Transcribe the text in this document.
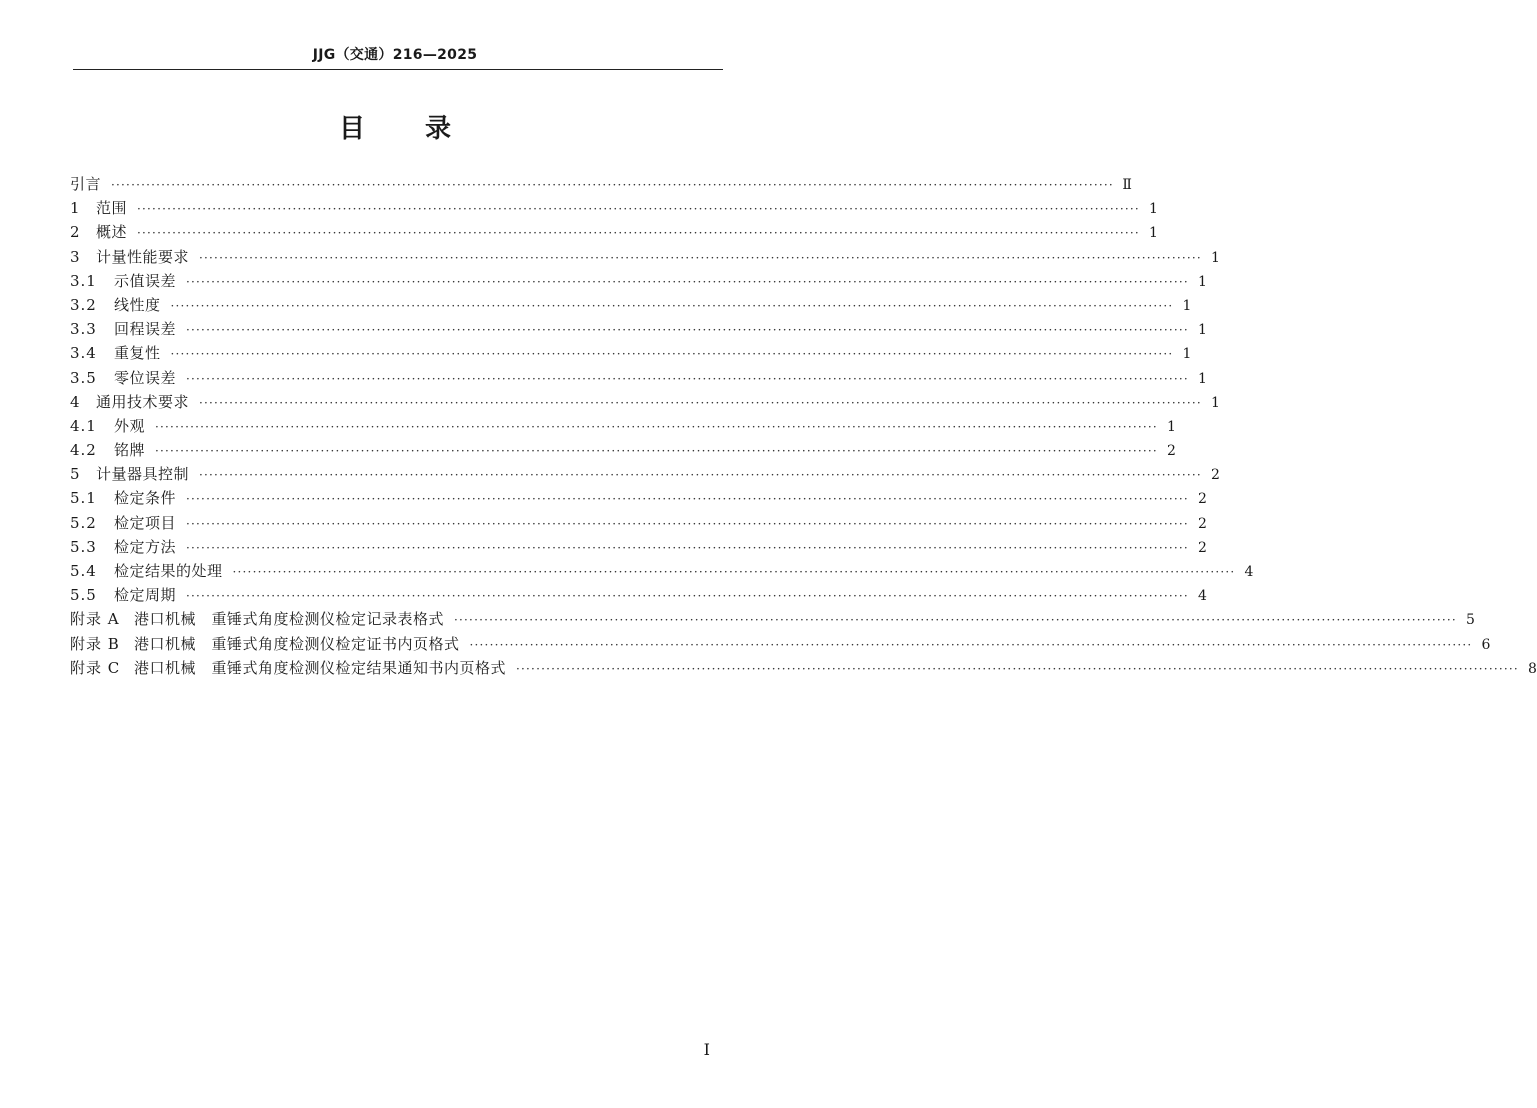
JJG（交通）216—2025
目 录
引言 ········································································································································································································ Ⅱ
1	范围 ········································································································································································································ 1
2	概述 ········································································································································································································ 1
3	计量性能要求 ········································································································································································································ 1
3.1	示值误差 ········································································································································································································ 1
3.2	线性度 ········································································································································································································ 1
3.3	回程误差 ········································································································································································································ 1
3.4	重复性 ········································································································································································································ 1
3.5	零位误差 ········································································································································································································ 1
4	通用技术要求 ········································································································································································································ 1
4.1	外观 ········································································································································································································ 1
4.2	铭牌 ········································································································································································································ 2
5	计量器具控制 ········································································································································································································ 2
5.1	检定条件 ········································································································································································································ 2
5.2	检定项目 ········································································································································································································ 2
5.3	检定方法 ········································································································································································································ 2
5.4	检定结果的处理 ········································································································································································································ 4
5.5	检定周期 ········································································································································································································ 4
附录 A 港口机械　重锤式角度检测仪检定记录表格式 ········································································································································································································ 5
附录 B 港口机械　重锤式角度检测仪检定证书内页格式 ········································································································································································································ 6
附录 C 港口机械　重锤式角度检测仪检定结果通知书内页格式 ········································································································································································································ 8
I
